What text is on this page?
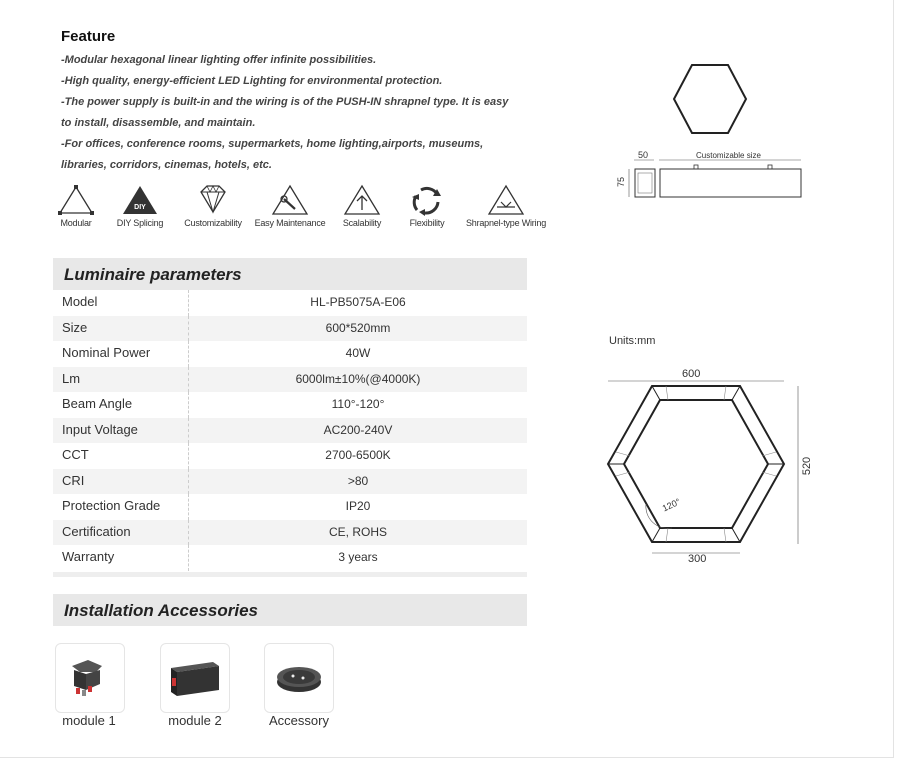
Feature
-Modular hexagonal linear lighting offer infinite possibilities.
-High quality, energy-efficient LED Lighting for environmental protection.
-The power supply is built-in and the wiring is of the PUSH-IN shrapnel type. It is easy
to install, disassemble, and maintain.
-For offices, conference rooms, supermarkets, home lighting,airports, museums,
libraries, corridors, cinemas, hotels, etc.
Modular
DIY
DIY Splicing	Customizability	Easy Maintenance	Scalability	Flexibility	Shrapnel-type Wiring
Luminaire parameters
Model	HL-PB5075A-E06
Size	600*520mm
Nominal Power	40W
Lm	6000lm±10%(@4000K)
Beam Angle	110°-120°
Input Voltage	AC200-240V
CCT	2700-6500K
CRI	>80
Protection Grade	IP20
Certification	CE, ROHS
Warranty	3 years
Installation Accessories
module 1	module 2	Accessory
50	Customizable size
75
Units:mm
600
520
300
120°
